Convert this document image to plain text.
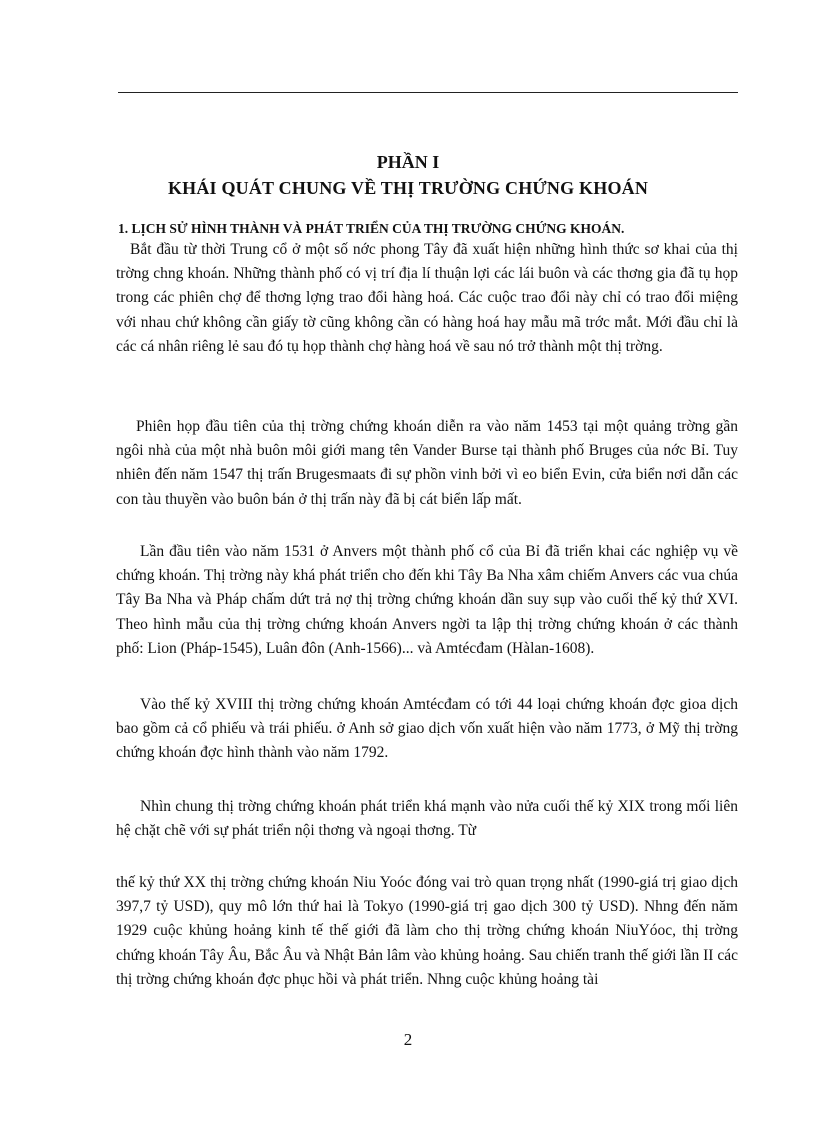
PHẦN I
KHÁI QUÁT CHUNG VỀ THỊ TRƯỜNG CHỨNG KHOÁN
1. LỊCH SỬ HÌNH THÀNH VÀ PHÁT TRIỂN CỦA THỊ TRƯỜNG CHỨNG KHOÁN.

Bắt đầu từ thời Trung cổ ở một số nớc phong Tây đã xuất hiện những hình thức sơ khai của thị trờng chng khoán. Những thành phố có vị trí địa lí thuận lợi các lái buôn và các thơng gia đã tụ họp trong các phiên chợ để thơng lợng trao đổi hàng hoá. Các cuộc trao đổi này chỉ có trao đổi miệng với nhau chứ không cần giấy tờ cũng không cần có hàng hoá hay mẫu mã trớc mắt. Mới đầu chỉ là các cá nhân riêng lẻ sau đó tụ họp thành chợ hàng hoá về sau nó trở thành một thị trờng.

Phiên họp đầu tiên của thị trờng chứng khoán diễn ra vào năm 1453 tại một quảng trờng gần ngôi nhà của một nhà buôn môi giới mang tên Vander Burse tại thành phố Bruges của nớc Bỉ. Tuy nhiên đến năm 1547 thị trấn Brugesmaats đi sự phồn vinh bởi vì eo biển Evin, cửa biển nơi dẫn các con tàu thuyền vào buôn bán ở thị trấn này đã bị cát biển lấp mất.

Lần đầu tiên vào năm 1531 ở Anvers một thành phố cổ của Bỉ đã triển khai các nghiệp vụ về chứng khoán. Thị trờng này khá phát triển cho đến khi Tây Ba Nha xâm chiếm Anvers các vua chúa Tây Ba Nha và Pháp chấm dứt trả nợ thị trờng chứng khoán dần suy sụp vào cuối thế kỷ thứ XVI. Theo hình mẫu của thị trờng chứng khoán Anvers ngời ta lập thị trờng chứng khoán ở các thành phố: Lion (Pháp-1545), Luân đôn (Anh-1566)... và Amtécđam (Hàlan-1608).

Vào thế kỷ XVIII thị trờng chứng khoán Amtécđam có tới 44 loại chứng khoán đợc gioa dịch bao gồm cả cổ phiếu và trái phiếu. ở Anh sở giao dịch vốn xuất hiện vào năm 1773, ở Mỹ thị trờng chứng khoán đợc hình thành vào năm 1792.

Nhìn chung thị trờng chứng khoán phát triển khá mạnh vào nửa cuối thế kỷ XIX trong mối liên hệ chặt chẽ với sự phát triển nội thơng và ngoại thơng. Từ

thế kỷ thứ XX thị trờng chứng khoán Niu Yoóc đóng vai trò quan trọng nhất (1990-giá trị giao dịch 397,7 tỷ USD), quy mô lớn thứ hai là Tokyo (1990-giá trị gao dịch 300 tỷ USD). Nhng đến năm 1929 cuộc khủng hoảng kinh tế thế giới đã làm cho thị trờng chứng khoán NiuYóoc, thị trờng chứng khoán Tây Âu, Bắc Âu và Nhật Bản lâm vào khủng hoảng. Sau chiến tranh thế giới lần II các thị trờng chứng khoán đợc phục hồi và phát triển. Nhng cuộc khủng hoảng tài

2
